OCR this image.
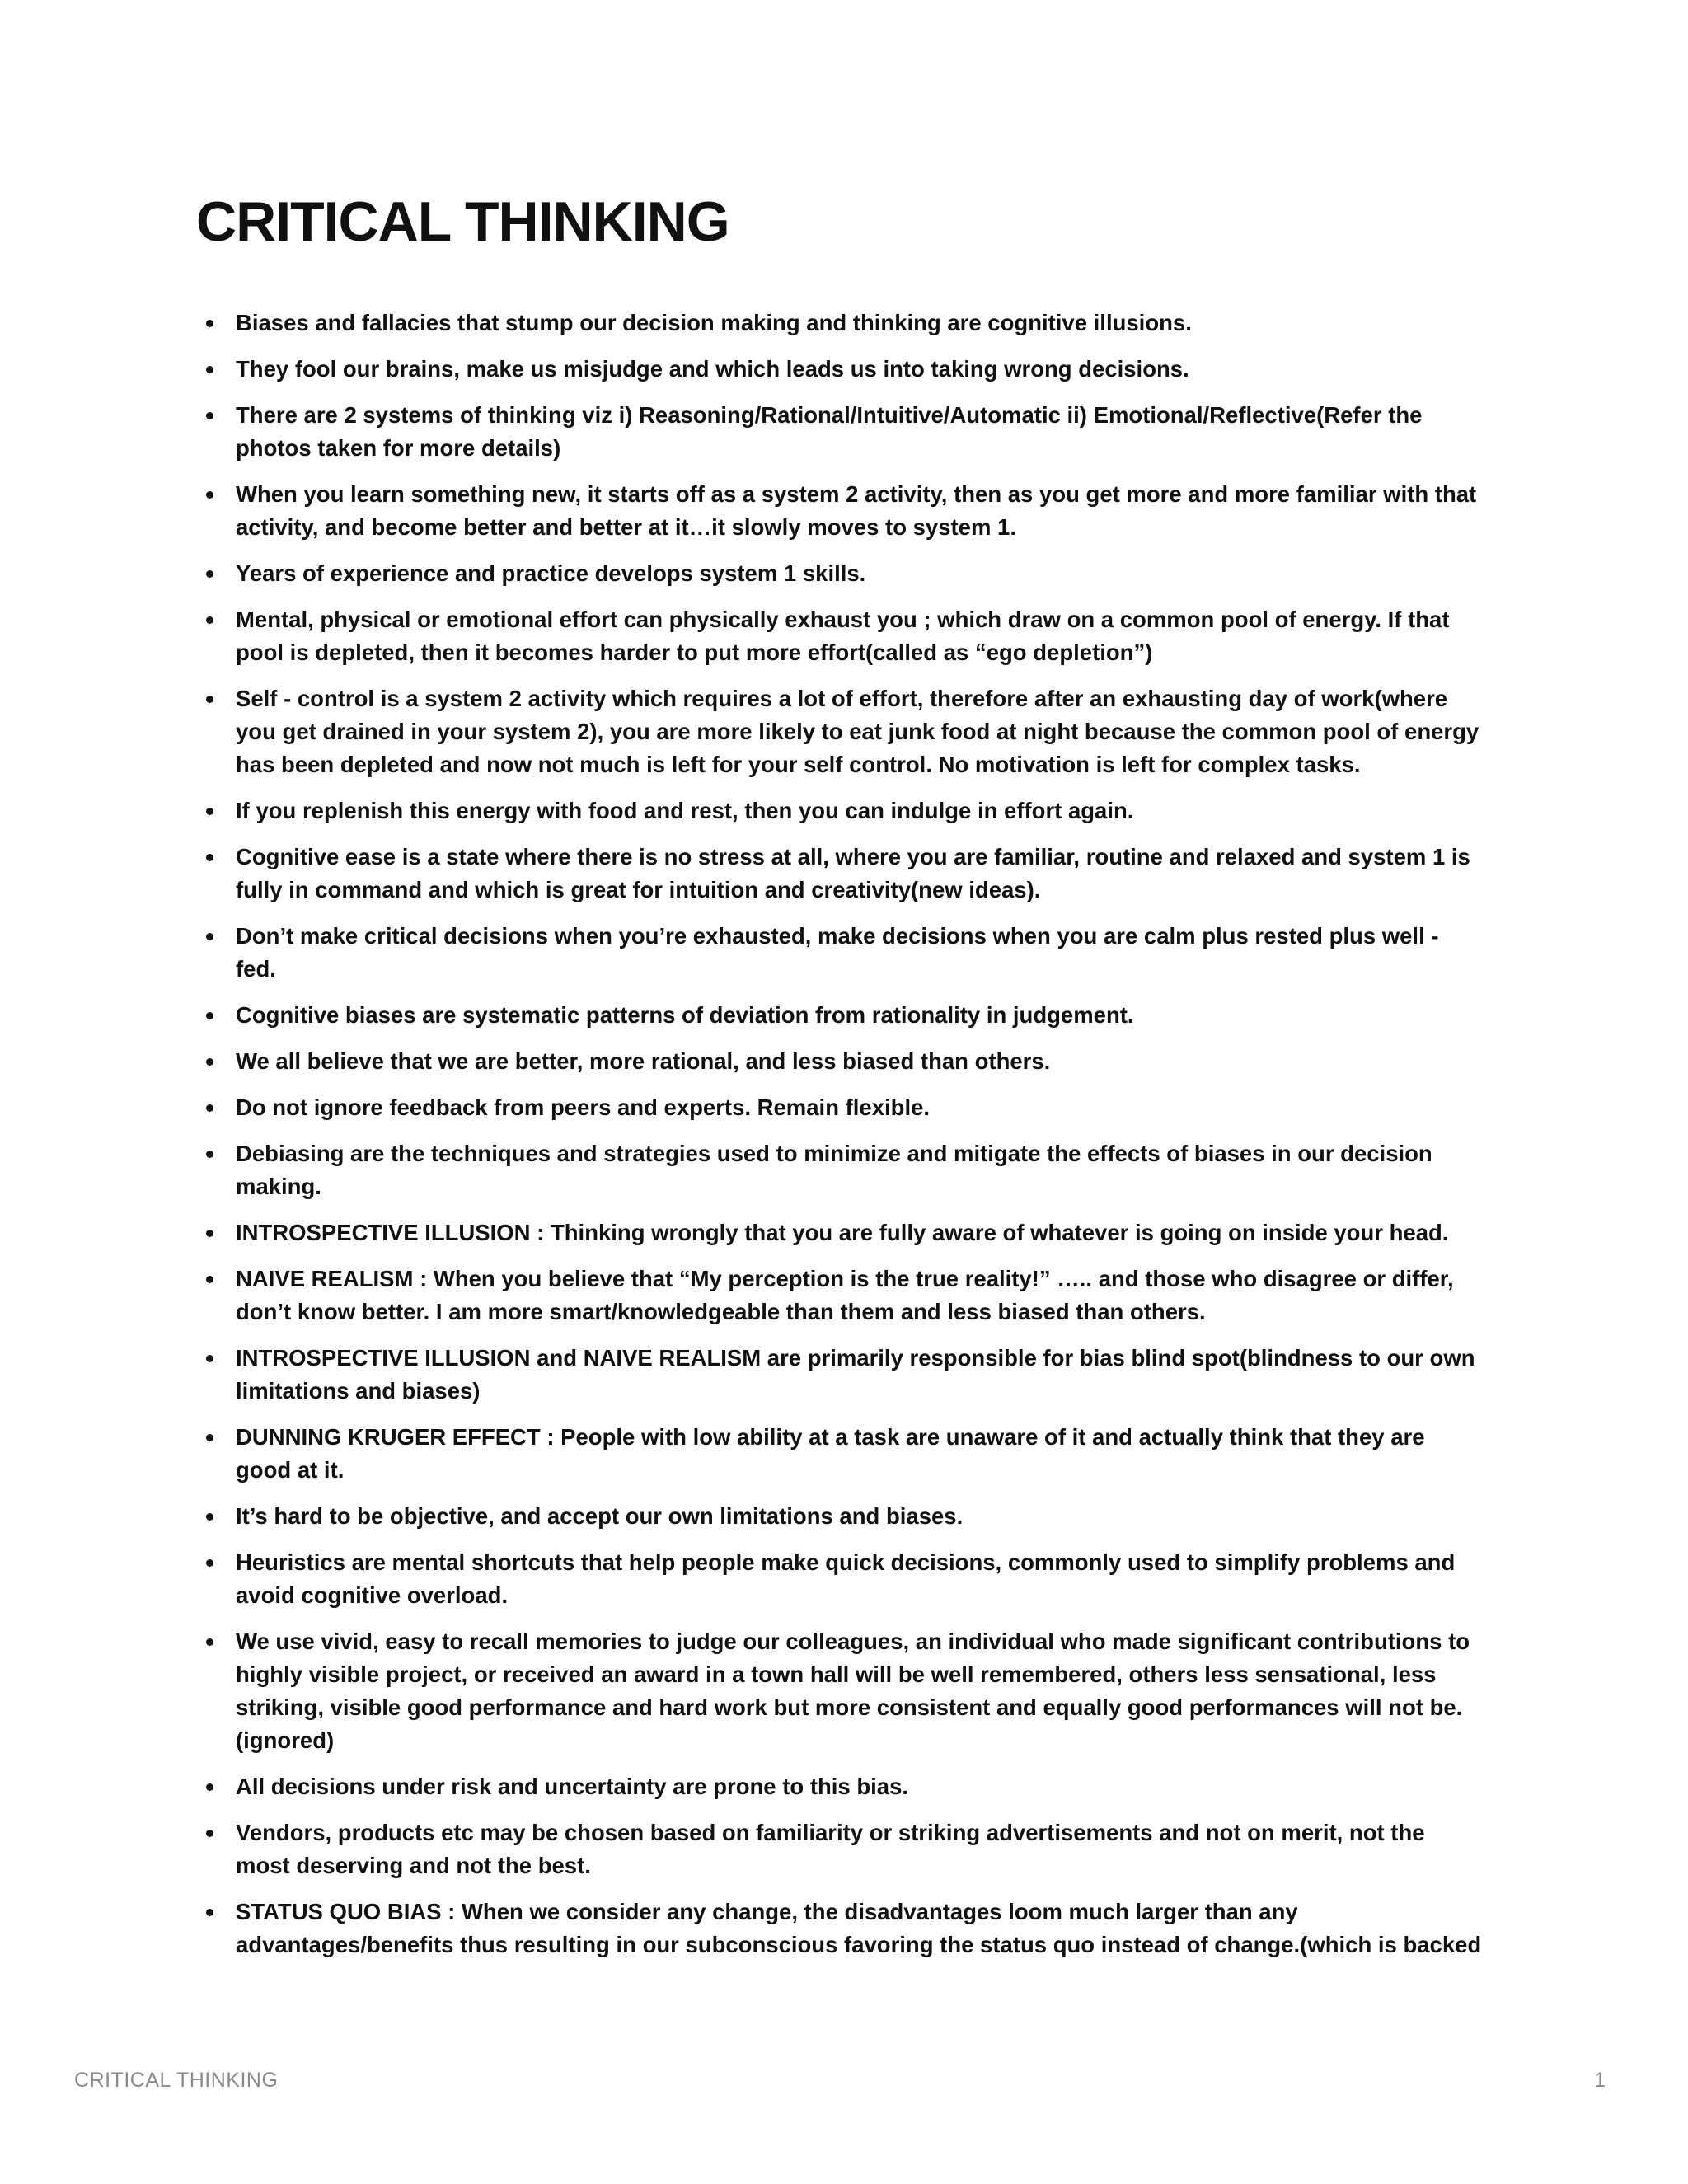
CRITICAL THINKING
Biases and fallacies that stump our decision making and thinking are cognitive illusions.
They fool our brains, make us misjudge and which leads us into taking wrong decisions.
There are 2 systems of thinking viz i) Reasoning/Rational/Intuitive/Automatic ii) Emotional/Reflective(Refer the photos taken for more details)
When you learn something new, it starts off as a system 2 activity, then as you get more and more familiar with that activity, and become better and better at it…it slowly moves to system 1.
Years of experience and practice develops system 1 skills.
Mental, physical or emotional effort can physically exhaust you ; which draw on a common pool of energy. If that pool is depleted, then it becomes harder to put more effort(called as “ego depletion”)
Self - control is a system 2 activity which requires a lot of effort, therefore after an exhausting day of work(where you get drained in your system 2), you are more likely to eat junk food at night because the common pool of energy has been depleted and now not much is left for your self control. No motivation is left for complex tasks.
If you replenish this energy with food and rest, then you can indulge in effort again.
Cognitive ease is a state where there is no stress at all, where you are familiar, routine and relaxed and system 1 is fully in command and which is great for intuition and creativity(new ideas).
Don’t make critical decisions when you’re exhausted, make decisions when you are calm plus rested plus well - fed.
Cognitive biases are systematic patterns of deviation from rationality in judgement.
We all believe that we are better, more rational, and less biased than others.
Do not ignore feedback from peers and experts. Remain flexible.
Debiasing are the techniques and strategies used to minimize and mitigate the effects of biases in our decision making.
INTROSPECTIVE ILLUSION : Thinking wrongly that you are fully aware of whatever is going on inside your head.
NAIVE REALISM : When you believe that “My perception is the true reality!” ….. and those who disagree or differ, don’t know better. I am more smart/knowledgeable than them and less biased than others.
INTROSPECTIVE ILLUSION and NAIVE REALISM are primarily responsible for bias blind spot(blindness to our own limitations and biases)
DUNNING KRUGER EFFECT : People with low ability at a task are unaware of it and actually think that they are good at it.
It’s hard to be objective, and accept our own limitations and biases.
Heuristics are mental shortcuts that help people make quick decisions, commonly used to simplify problems and avoid cognitive overload.
We use vivid, easy to recall memories to judge our colleagues, an individual who made significant contributions to highly visible project, or received an award in a town hall will be well remembered, others less sensational, less striking, visible good performance and hard work but more consistent and equally good performances will not be.(ignored)
All decisions under risk and uncertainty are prone to this bias.
Vendors, products etc may be chosen based on familiarity or striking advertisements and not on merit, not the most deserving and not the best.
STATUS QUO BIAS : When we consider any change, the disadvantages loom much larger than any advantages/benefits thus resulting in our subconscious favoring the status quo instead of change.(which is backed
CRITICAL THINKING	1
